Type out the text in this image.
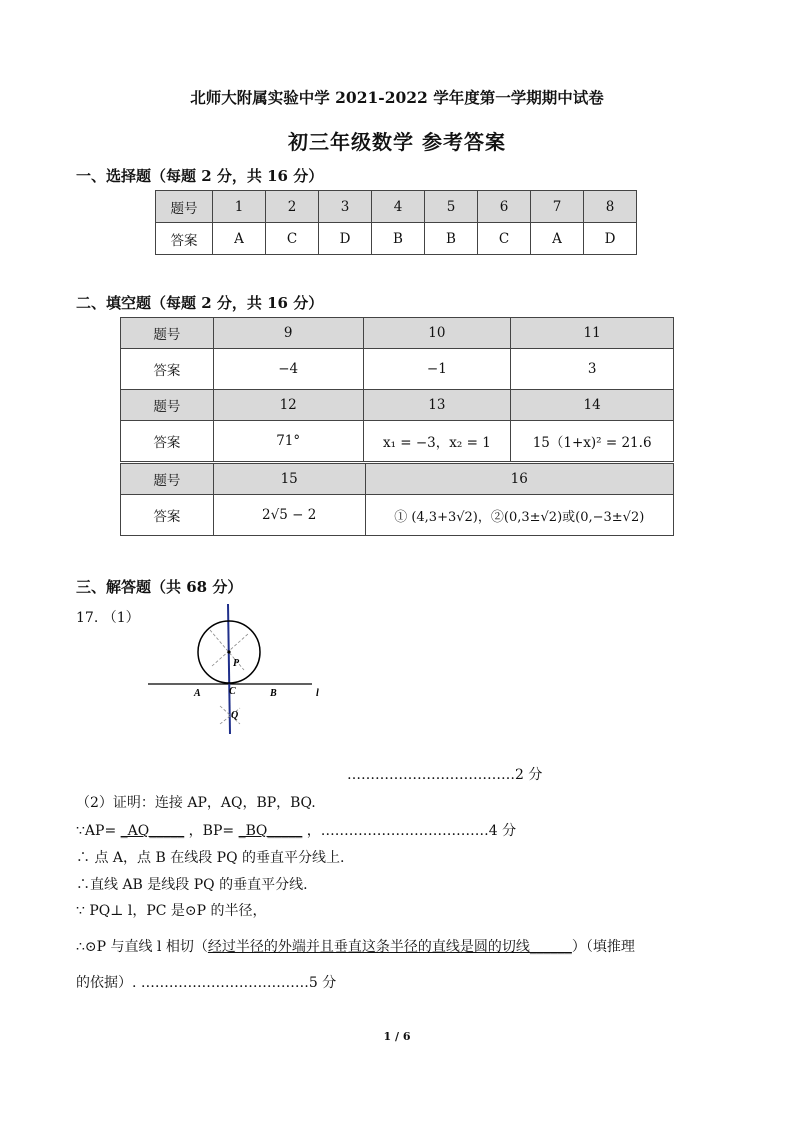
北师大附属实验中学 2021-2022 学年度第一学期期中试卷
初三年级数学 参考答案
一、选择题（每题 2 分，共 16 分）
题号	1	2	3	4	5	6	7	8
答案	A	C	D	B	B	C	A	D
二、填空题（每题 2 分，共 16 分）
题号	9	10	11
答案	−4	−1	3
题号	12	13	14
答案	71°	x₁ = −3，x₂ = 1	15（1+x)² = 21.6
题号	15	16
答案	2√5 − 2	① (4,3+3√2)，②(0,3±√2)或(0,−3±√2)
三、解答题（共 68 分）
17. （1）
P
A	C	B	l
Q
………………………………2 分
（2）证明：连接 AP，AQ，BP，BQ.
∵AP= _AQ_____ ，BP= _BQ_____ ，………………………………4 分
∴ 点 A，点 B 在线段 PQ 的垂直平分线上.
∴直线 AB 是线段 PQ 的垂直平分线.
∵ PQ⊥ l，PC 是⊙P 的半径，
∴⊙P 与直线 l 相切（经过半径的外端并且垂直这条半径的直线是圆的切线______）（填推理
的依据）. ………………………………5 分
1 / 6
